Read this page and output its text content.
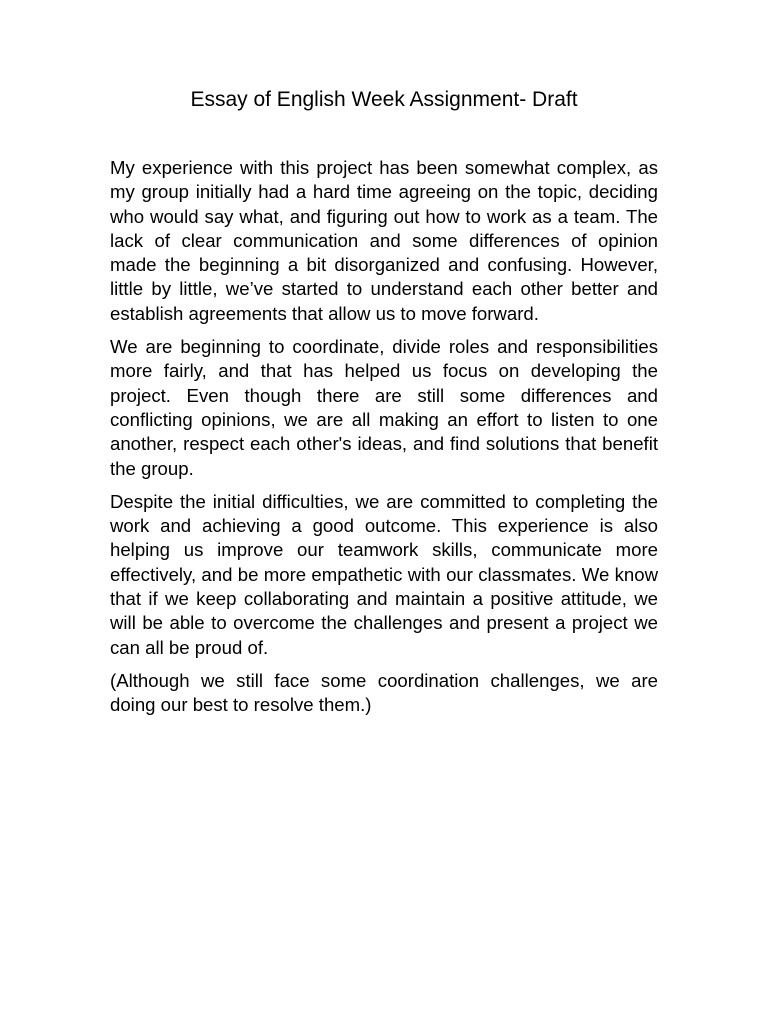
Essay of English Week Assignment- Draft

My experience with this project has been somewhat complex, as my group initially had a hard time agreeing on the topic, deciding who would say what, and figuring out how to work as a team. The lack of clear communication and some differences of opinion made the beginning a bit disorganized and confusing. However, little by little, we’ve started to understand each other better and establish agreements that allow us to move forward.

We are beginning to coordinate, divide roles and responsibilities more fairly, and that has helped us focus on developing the project. Even though there are still some differences and conflicting opinions, we are all making an effort to listen to one another, respect each other's ideas, and find solutions that benefit the group.

Despite the initial difficulties, we are committed to completing the work and achieving a good outcome. This experience is also helping us improve our teamwork skills, communicate more effectively, and be more empathetic with our classmates. We know that if we keep collaborating and maintain a positive attitude, we will be able to overcome the challenges and present a project we can all be proud of.

(Although we still face some coordination challenges, we are doing our best to resolve them.)
